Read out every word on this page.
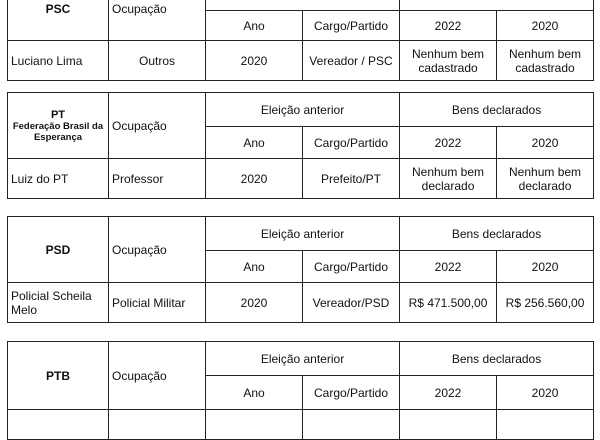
PSC	Ocupação				
		Ano	Cargo/Partido	2022	2020
Luciano Lima	Outros	2020	Vereador / PSC	Nenhum bem cadastrado	Nenhum bem cadastrado
PT
Federação Brasil da Esperança	Ocupação	Eleição anterior		Bens declarados	
		Ano	Cargo/Partido	2022	2020
Luiz do PT	Professor	2020	Prefeito/PT	Nenhum bem declarado	Nenhum bem declarado
PSD	Ocupação	Eleição anterior		Bens declarados	
		Ano	Cargo/Partido	2022	2020
Policial Scheila Melo	Policial Militar	2020	Vereador/PSD	R$ 471.500,00	R$ 256.560,00
PTB	Ocupação	Eleição anterior		Bens declarados	
		Ano	Cargo/Partido	2022	2020
